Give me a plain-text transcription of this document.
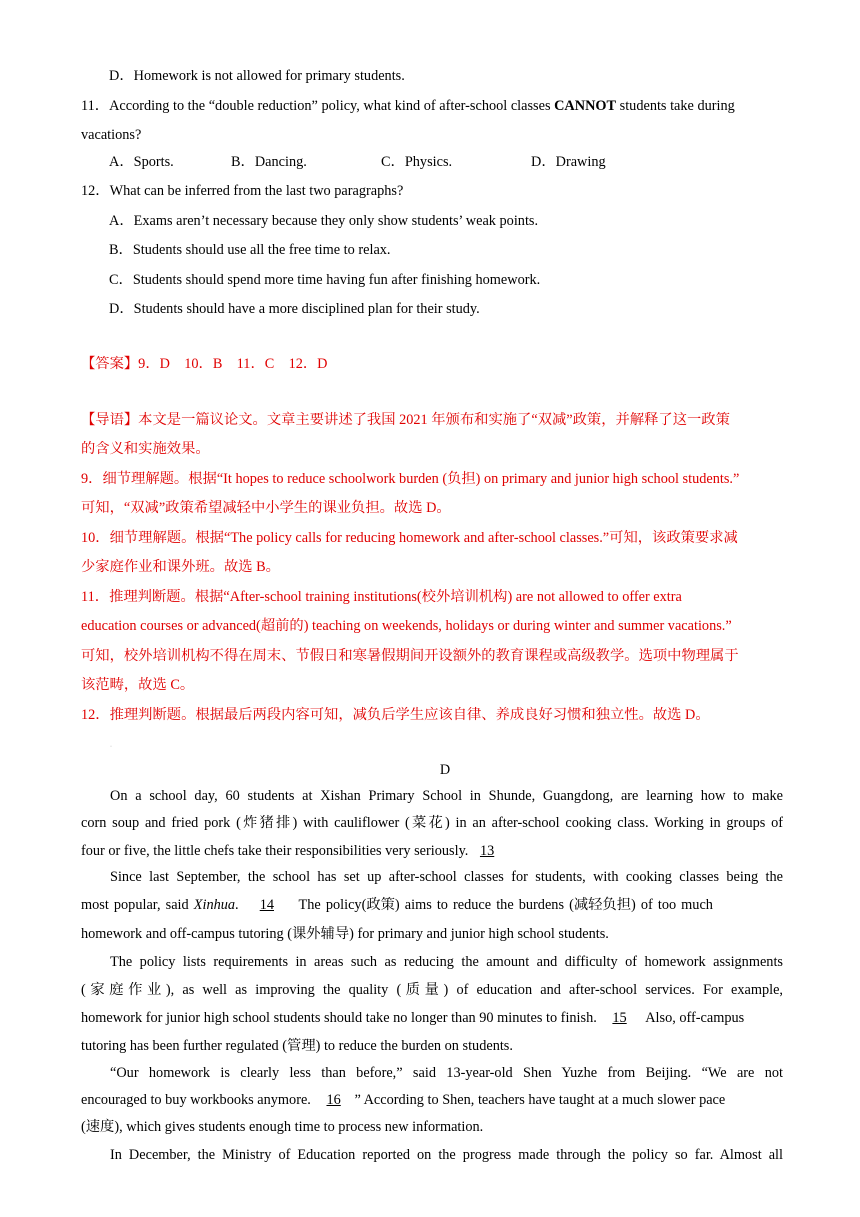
D．Homework is not allowed for primary students.
11．According to the “double reduction” policy, what kind of after-school classes CANNOT students take during
vacations?
A．Sports.	B．Dancing.	C．Physics.	D．Drawing
12．What can be inferred from the last two paragraphs?
A．Exams aren’t necessary because they only show students’ weak points.
B．Students should use all the free time to relax.
C．Students should spend more time having fun after finishing homework.
D．Students should have a more disciplined plan for their study.
【答案】9．D　10．B　11．C　12．D
【导语】本文是一篇议论文。文章主要讲述了我国 2021 年颁布和实施了“双减”政策，并解释了这一政策
的含义和实施效果。
9．细节理解题。根据“It hopes to reduce schoolwork burden (负担) on primary and junior high school students.”
可知，“双减”政策希望减轻中小学生的课业负担。故选 D。
10．细节理解题。根据“The policy calls for reducing homework and after-school classes.”可知，该政策要求减
少家庭作业和课外班。故选 B。
11．推理判断题。根据“After-school training institutions(校外培训机构) are not allowed to offer extra
education courses or advanced(超前的) teaching on weekends, holidays or during winter and summer vacations.”
可知，校外培训机构不得在周末、节假日和寒暑假期间开设额外的教育课程或高级教学。选项中物理属于
该范畴，故选 C。
12．推理判断题。根据最后两段内容可知，减负后学生应该自律、养成良好习惯和独立性。故选 D。
·
D
On a school day, 60 students at Xishan Primary School in Shunde, Guangdong, are learning how to make
corn soup and fried pork (炸猪排) with cauliflower (菜花) in an after-school cooking class. Working in groups of
four or five, the little chefs take their responsibilities very seriously. 13
Since last September, the school has set up after-school classes for students, with cooking classes being the
most popular, said Xinhua. 14 The policy(政策) aims to reduce the burdens (减轻负担) of too much
homework and off-campus tutoring (课外辅导) for primary and junior high school students.
The policy lists requirements in areas such as reducing the amount and difficulty of homework assignments
(家庭作业), as well as improving the quality (质量) of education and after-school services. For example,
homework for junior high school students should take no longer than 90 minutes to finish. 15 Also, off-campus
tutoring has been further regulated (管理) to reduce the burden on students.
“Our homework is clearly less than before,” said 13-year-old Shen Yuzhe from Beijing. “We are not
encouraged to buy workbooks anymore. 16 ” According to Shen, teachers have taught at a much slower pace
(速度), which gives students enough time to process new information.
In December, the Ministry of Education reported on the progress made through the policy so far. Almost all
